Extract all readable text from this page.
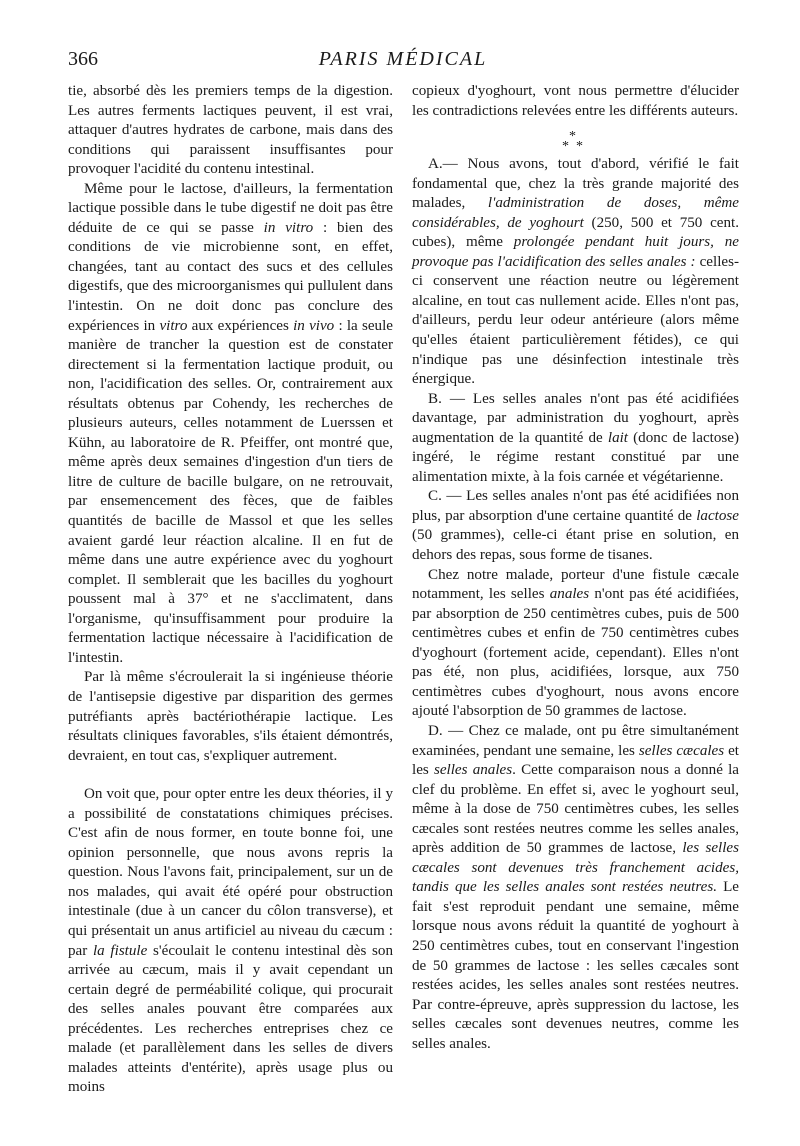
366	PARIS MÉDICAL

tie, absorbé dès les premiers temps de la digestion. Les autres ferments lactiques peuvent, il est vrai, attaquer d'autres hydrates de carbone, mais dans des conditions qui paraissent insuffisantes pour provoquer l'acidité du contenu intestinal.

Même pour le lactose, d'ailleurs, la fermentation lactique possible dans le tube digestif ne doit pas être déduite de ce qui se passe in vitro : bien des conditions de vie microbienne sont, en effet, changées, tant au contact des sucs et des cellules digestifs, que des microorganismes qui pullulent dans l'intestin. On ne doit donc pas conclure des expériences in vitro aux expériences in vivo : la seule manière de trancher la question est de constater directement si la fermentation lactique produit, ou non, l'acidification des selles. Or, contrairement aux résultats obtenus par Cohendy, les recherches de plusieurs auteurs, celles notamment de Luerssen et Kühn, au laboratoire de R. Pfeiffer, ont montré que, même après deux semaines d'ingestion d'un tiers de litre de culture de bacille bulgare, on ne retrouvait, par ensemencement des fèces, que de faibles quantités de bacille de Massol et que les selles avaient gardé leur réaction alcaline. Il en fut de même dans une autre expérience avec du yoghourt complet. Il semblerait que les bacilles du yoghourt poussent mal à 37° et ne s'acclimatent, dans l'organisme, qu'insuffisamment pour produire la fermentation lactique nécessaire à l'acidification de l'intestin.

Par là même s'écroulerait la si ingénieuse théorie de l'antisepsie digestive par disparition des germes putréfiants après bactériothérapie lactique. Les résultats cliniques favorables, s'ils étaient démontrés, devraient, en tout cas, s'expliquer autrement.

On voit que, pour opter entre les deux théories, il y a possibilité de constatations chimiques précises. C'est afin de nous former, en toute bonne foi, une opinion personnelle, que nous avons repris la question. Nous l'avons fait, principalement, sur un de nos malades, qui avait été opéré pour obstruction intestinale (due à un cancer du côlon transverse), et qui présentait un anus artificiel au niveau du cæcum : par la fistule s'écoulait le contenu intestinal dès son arrivée au cæcum, mais il y avait cependant un certain degré de perméabilité colique, qui procurait des selles anales pouvant être comparées aux précédentes. Les recherches entreprises chez ce malade (et parallèlement dans les selles de divers malades atteints d'entérite), après usage plus ou moins

copieux d'yoghourt, vont nous permettre d'élucider les contradictions relevées entre les différents auteurs.

*
* *

A.— Nous avons, tout d'abord, vérifié le fait fondamental que, chez la très grande majorité des malades, l'administration de doses, même considérables, de yoghourt (250, 500 et 750 cent. cubes), même prolongée pendant huit jours, ne provoque pas l'acidification des selles anales : celles-ci conservent une réaction neutre ou légèrement alcaline, en tout cas nullement acide. Elles n'ont pas, d'ailleurs, perdu leur odeur antérieure (alors même qu'elles étaient particulièrement fétides), ce qui n'indique pas une désinfection intestinale très énergique.

B. — Les selles anales n'ont pas été acidifiées davantage, par administration du yoghourt, après augmentation de la quantité de lait (donc de lactose) ingéré, le régime restant constitué par une alimentation mixte, à la fois carnée et végétarienne.

C. — Les selles anales n'ont pas été acidifiées non plus, par absorption d'une certaine quantité de lactose (50 grammes), celle-ci étant prise en solution, en dehors des repas, sous forme de tisanes.

Chez notre malade, porteur d'une fistule cæcale notamment, les selles anales n'ont pas été acidifiées, par absorption de 250 centimètres cubes, puis de 500 centimètres cubes et enfin de 750 centimètres cubes d'yoghourt (fortement acide, cependant). Elles n'ont pas été, non plus, acidifiées, lorsque, aux 750 centimètres cubes d'yoghourt, nous avons encore ajouté l'absorption de 50 grammes de lactose.

D. — Chez ce malade, ont pu être simultanément examinées, pendant une semaine, les selles cæcales et les selles anales. Cette comparaison nous a donné la clef du problème. En effet si, avec le yoghourt seul, même à la dose de 750 centimètres cubes, les selles cæcales sont restées neutres comme les selles anales, après addition de 50 grammes de lactose, les selles cæcales sont devenues très franchement acides, tandis que les selles anales sont restées neutres. Le fait s'est reproduit pendant une semaine, même lorsque nous avons réduit la quantité de yoghourt à 250 centimètres cubes, tout en conservant l'ingestion de 50 grammes de lactose : les selles cæcales sont restées acides, les selles anales sont restées neutres. Par contre-épreuve, après suppression du lactose, les selles cæcales sont devenues neutres, comme les selles anales.
